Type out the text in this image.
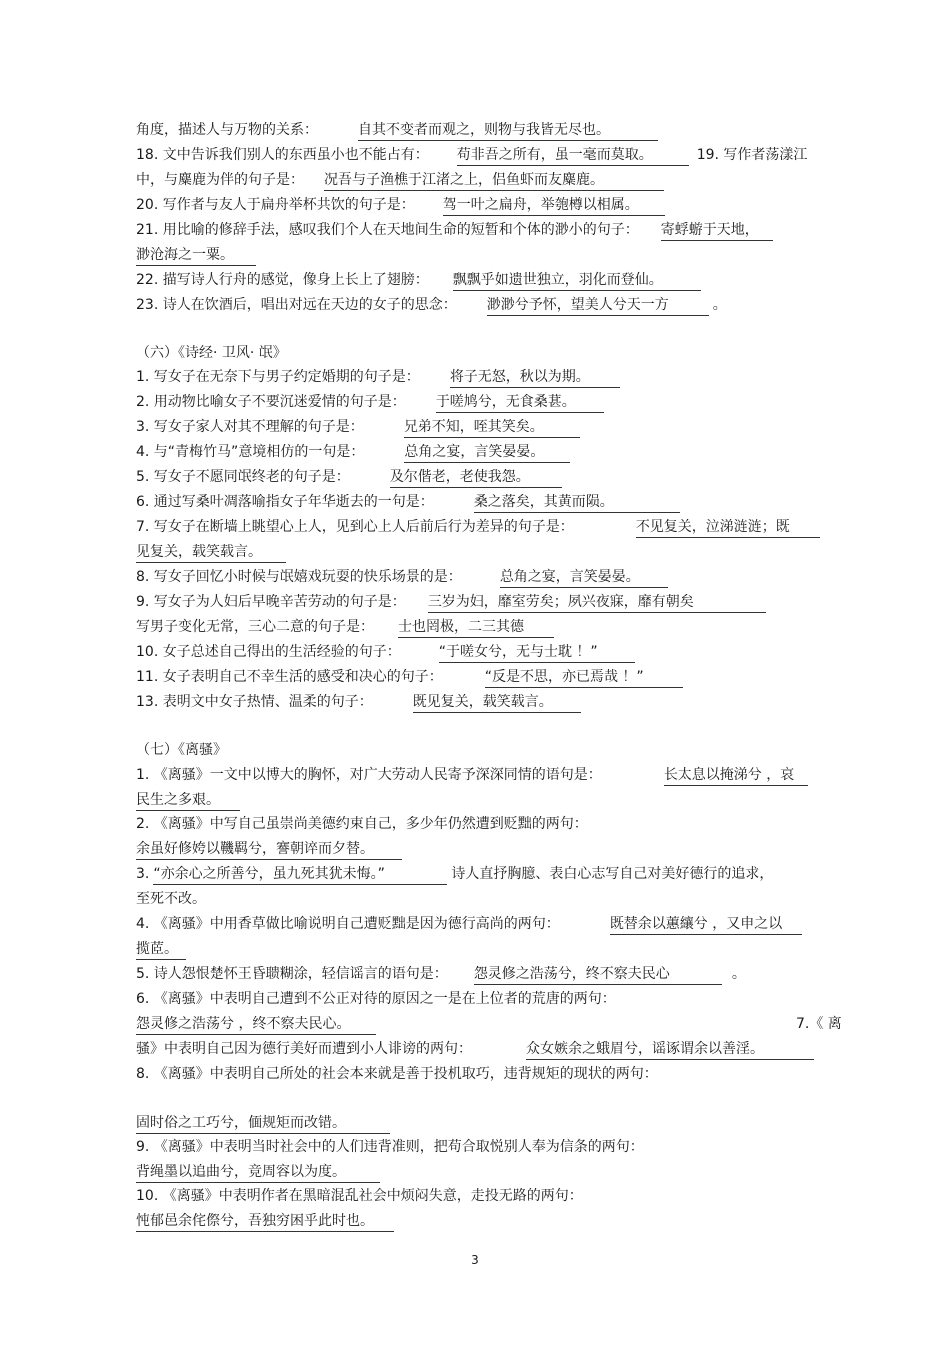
角度，描述人与万物的关系：	自其不变者而观之，则物与我皆无尽也。
18. 文中告诉我们别人的东西虽小也不能占有： 苟非吾之所有，虽一毫而莫取。	19. 写作者荡漾江
中，与麋鹿为伴的句子是： 况吾与子渔樵于江渚之上，侣鱼虾而友麋鹿。
20. 写作者与友人于扁舟举杯共饮的句子是： 驾一叶之扁舟，举匏樽以相属。
21. 用比喻的修辞手法，感叹我们个人在天地间生命的短暂和个体的渺小的句子： 寄蜉蝣于天地，
渺沧海之一粟。
22. 描写诗人行舟的感觉，像身上长上了翅膀： 飘飘乎如遗世独立，羽化而登仙。
23. 诗人在饮酒后，唱出对远在天边的女子的思念： 渺渺兮予怀，望美人兮天一方	。
（六）《诗经· 卫风· 氓》
1. 写女子在无奈下与男子约定婚期的句子是： 将子无怒，秋以为期。
2. 用动物比喻女子不要沉迷爱情的句子是： 于嗟鸠兮，无食桑葚。
3. 写女子家人对其不理解的句子是：	兄弟不知，咥其笑矣。
4. 与“青梅竹马”意境相仿的一句是：	总角之宴，言笑晏晏。
5. 写女子不愿同氓终老的句子是：	及尔偕老，老使我怨。
6. 通过写桑叶凋落喻指女子年华逝去的一句是：	桑之落矣，其黄而陨。
7. 写女子在断墙上眺望心上人，见到心上人后前后行为差异的句子是：	不见复关，泣涕涟涟；既
见复关，载笑载言。
8. 写女子回忆小时候与氓嬉戏玩耍的快乐场景的是：	总角之宴，言笑晏晏。
9. 写女子为人妇后早晚辛苦劳动的句子是： 三岁为妇，靡室劳矣；夙兴夜寐，靡有朝矣
写男子变化无常，三心二意的句子是： 士也罔极，二三其德
10. 女子总述自己得出的生活经验的句子：	“于嗟女兮，无与士耽 ！”
11. 女子表明自己不幸生活的感受和决心的句子：	“反是不思，亦已焉哉 ！”
13. 表明文中女子热情、温柔的句子：	既见复关，载笑载言。
（七）《离骚》
1. 《离骚》一文中以博大的胸怀，对广大劳动人民寄予深深同情的语句是：	长太息以掩涕兮 ，哀
民生之多艰。
2. 《离骚》中写自己虽崇尚美德约束自己，多少年仍然遭到贬黜的两句：
余虽好修姱以鞿羁兮，謇朝谇而夕替。
3. “亦余心之所善兮，虽九死其犹未悔。”	诗人直抒胸臆、表白心志写自己对美好德行的追求，
至死不改。
4. 《离骚》中用香草做比喻说明自己遭贬黜是因为德行高尚的两句：	既替余以蕙纕兮 ，又申之以
揽茝。
5. 诗人怨恨楚怀王昏聩糊涂，轻信谣言的语句是： 怨灵修之浩荡兮，终不察夫民心	。
6. 《离骚》中表明自己遭到不公正对待的原因之一是在上位者的荒唐的两句：
怨灵修之浩荡兮 ，终不察夫民心。	7.《 离
骚》中表明自己因为德行美好而遭到小人诽谤的两句：	众女嫉余之蛾眉兮，谣诼谓余以善淫。
8. 《离骚》中表明自己所处的社会本来就是善于投机取巧，违背规矩的现状的两句：
固时俗之工巧兮，偭规矩而改错。
9. 《离骚》中表明当时社会中的人们违背准则，把苟合取悦别人奉为信条的两句：
背绳墨以追曲兮，竞周容以为度。
10. 《离骚》中表明作者在黑暗混乱社会中烦闷失意，走投无路的两句：
忳郁邑余侘傺兮，吾独穷困乎此时也。
3
